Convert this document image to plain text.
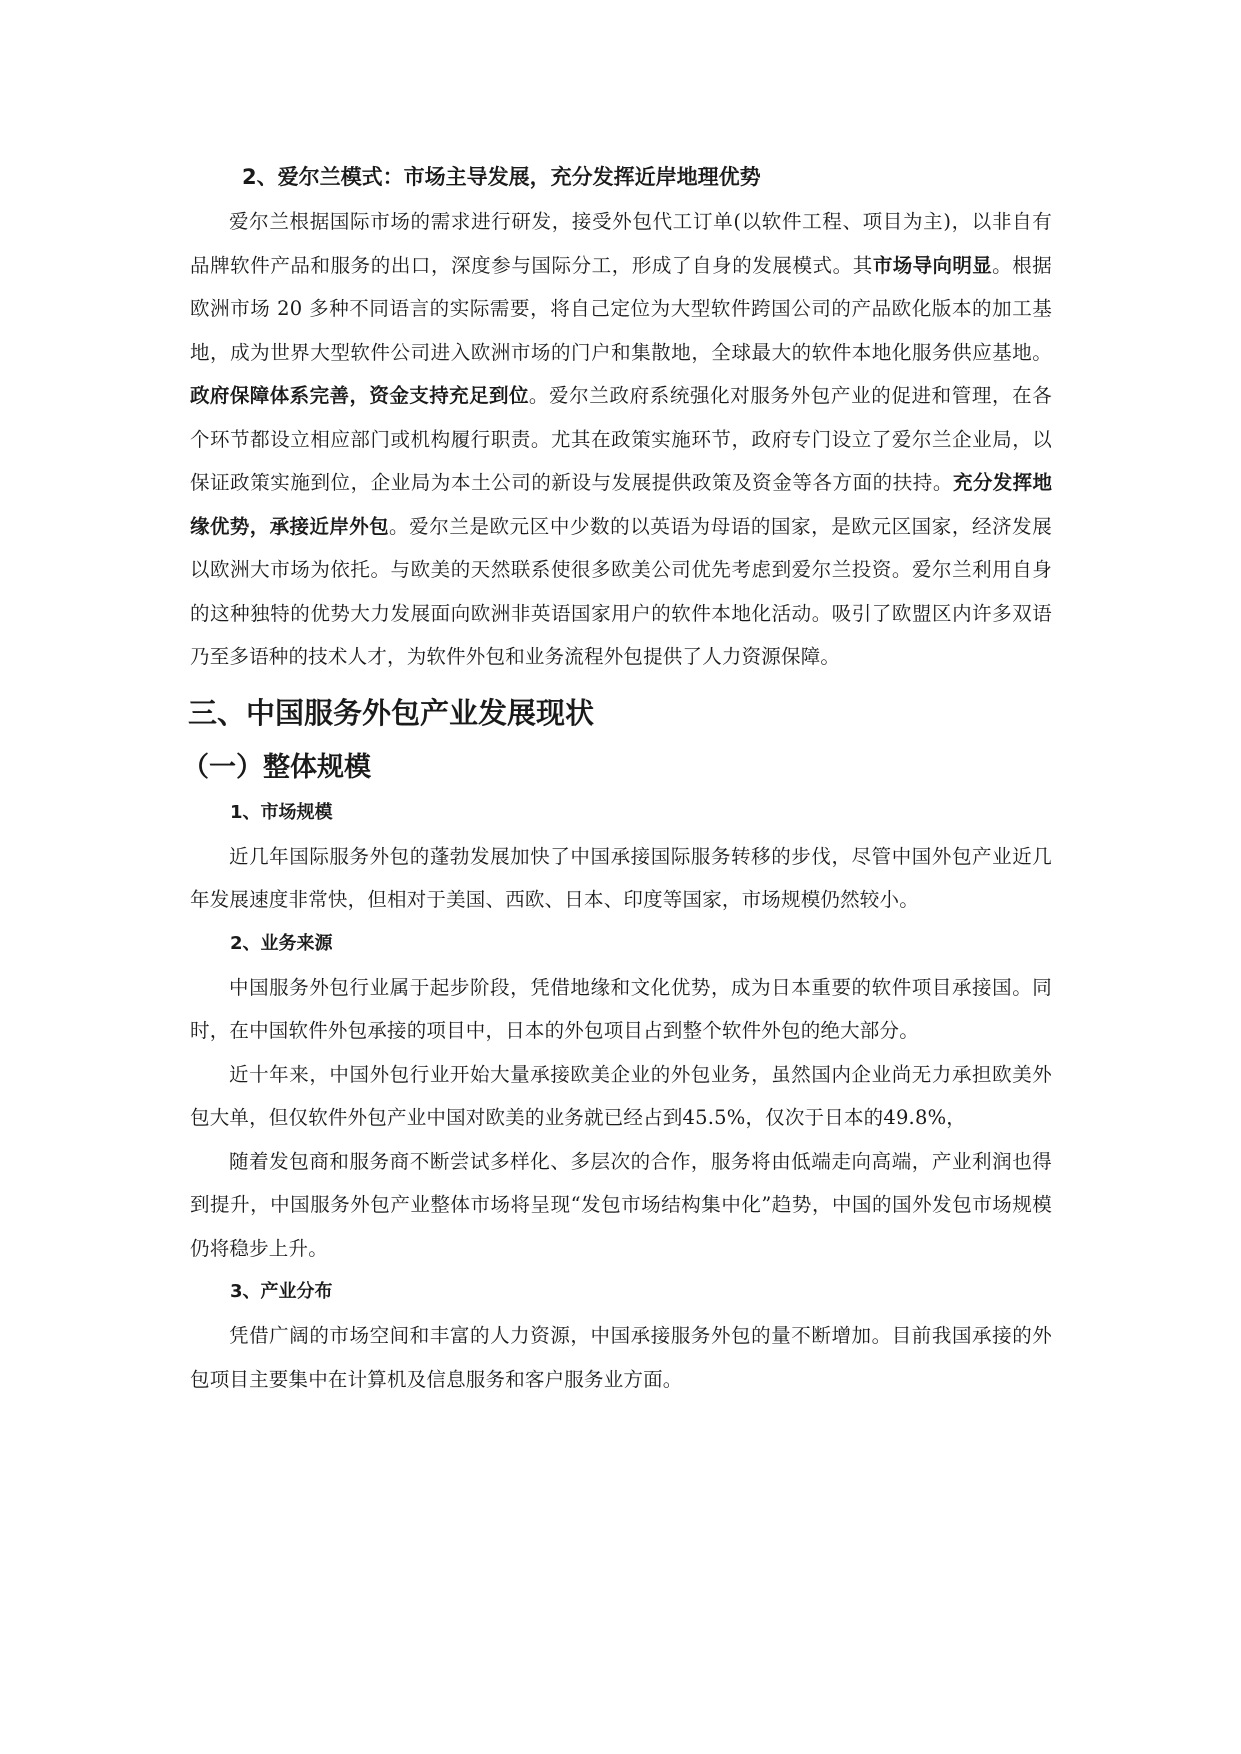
2、爱尔兰模式：市场主导发展，充分发挥近岸地理优势

爱尔兰根据国际市场的需求进行研发，接受外包代工订单(以软件工程、项目为主)，以非自有品牌软件产品和服务的出口，深度参与国际分工，形成了自身的发展模式。其市场导向明显。根据欧洲市场 20 多种不同语言的实际需要，将自己定位为大型软件跨国公司的产品欧化版本的加工基地，成为世界大型软件公司进入欧洲市场的门户和集散地，全球最大的软件本地化服务供应基地。政府保障体系完善，资金支持充足到位。爱尔兰政府系统强化对服务外包产业的促进和管理，在各个环节都设立相应部门或机构履行职责。尤其在政策实施环节，政府专门设立了爱尔兰企业局，以保证政策实施到位，企业局为本土公司的新设与发展提供政策及资金等各方面的扶持。充分发挥地缘优势，承接近岸外包。爱尔兰是欧元区中少数的以英语为母语的国家，是欧元区国家，经济发展以欧洲大市场为依托。与欧美的天然联系使很多欧美公司优先考虑到爱尔兰投资。爱尔兰利用自身的这种独特的优势大力发展面向欧洲非英语国家用户的软件本地化活动。吸引了欧盟区内许多双语乃至多语种的技术人才，为软件外包和业务流程外包提供了人力资源保障。

三、中国服务外包产业发展现状
（一）整体规模
1、市场规模

近几年国际服务外包的蓬勃发展加快了中国承接国际服务转移的步伐，尽管中国外包产业近几年发展速度非常快，但相对于美国、西欧、日本、印度等国家，市场规模仍然较小。

2、业务来源

中国服务外包行业属于起步阶段，凭借地缘和文化优势，成为日本重要的软件项目承接国。同时，在中国软件外包承接的项目中，日本的外包项目占到整个软件外包的绝大部分。

近十年来，中国外包行业开始大量承接欧美企业的外包业务，虽然国内企业尚无力承担欧美外包大单，但仅软件外包产业中国对欧美的业务就已经占到45.5%，仅次于日本的49.8%，

随着发包商和服务商不断尝试多样化、多层次的合作，服务将由低端走向高端，产业利润也得到提升，中国服务外包产业整体市场将呈现“发包市场结构集中化”趋势，中国的国外发包市场规模仍将稳步上升。

3、产业分布

凭借广阔的市场空间和丰富的人力资源，中国承接服务外包的量不断增加。目前我国承接的外包项目主要集中在计算机及信息服务和客户服务业方面。
